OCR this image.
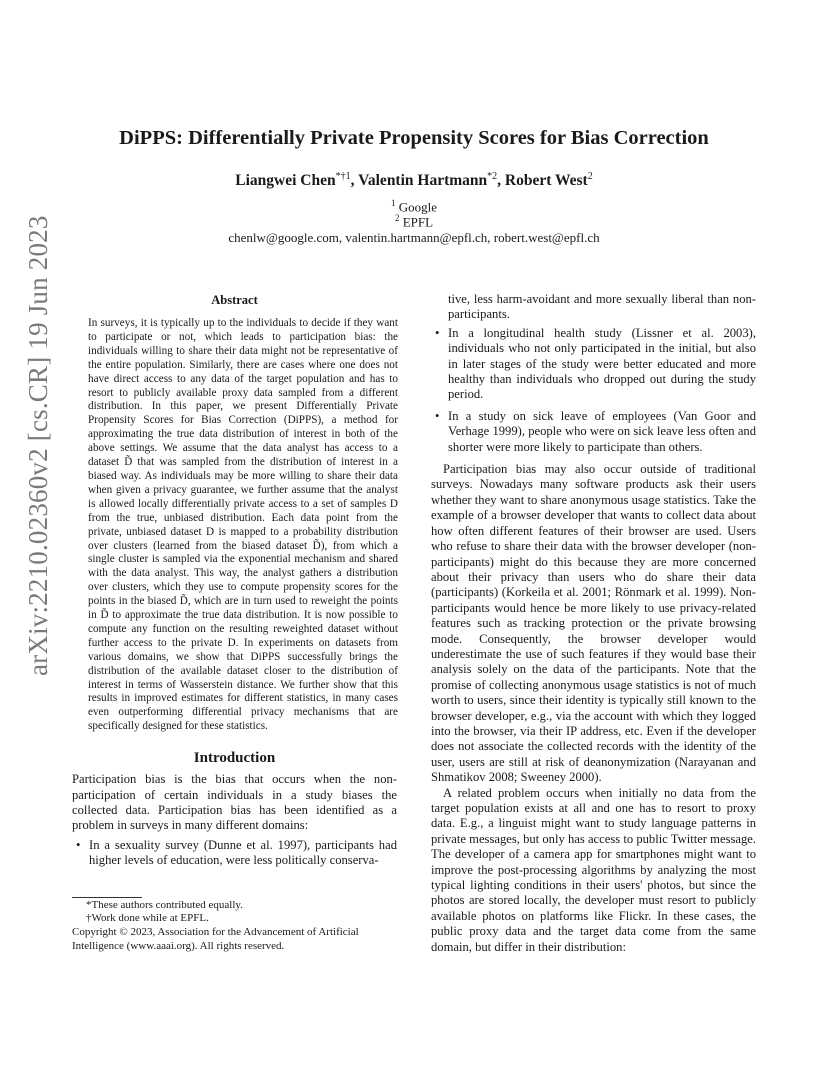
arXiv:2210.02360v2 [cs.CR] 19 Jun 2023
DiPPS: Differentially Private Propensity Scores for Bias Correction
Liangwei Chen$^{*\dagger 1}$, Valentin Hartmann$^{*2}$, Robert West$^2$
$^1$ Google
$^2$ EPFL
chenlw@google.com, valentin.hartmann@epfl.ch, robert.west@epfl.ch
Abstract

In surveys, it is typically up to the individuals to decide if they want to participate or not, which leads to participation bias: the individuals willing to share their data might not be representative of the entire population. Similarly, there are cases where one does not have direct access to any data of the target population and has to resort to publicly available proxy data sampled from a different distribution. In this paper, we present Differentially Private Propensity Scores for Bias Correction (DiPPS), a method for approximating the true data distribution of interest in both of the above settings. We assume that the data analyst has access to a dataset D̃ that was sampled from the distribution of interest in a biased way. As individuals may be more willing to share their data when given a privacy guarantee, we further assume that the analyst is allowed locally differentially private access to a set of samples D from the true, unbiased distribution. Each data point from the private, unbiased dataset D is mapped to a probability distribution over clusters (learned from the biased dataset D̃), from which a single cluster is sampled via the exponential mechanism and shared with the data analyst. This way, the analyst gathers a distribution over clusters, which they use to compute propensity scores for the points in the biased D̃, which are in turn used to reweight the points in D̃ to approximate the true data distribution. It is now possible to compute any function on the resulting reweighted dataset without further access to the private D. In experiments on datasets from various domains, we show that DiPPS successfully brings the distribution of the available dataset closer to the distribution of interest in terms of Wasserstein distance. We further show that this results in improved estimates for different statistics, in many cases even outperforming differential privacy mechanisms that are specifically designed for these statistics.

Introduction

Participation bias is the bias that occurs when the non-participation of certain individuals in a study biases the collected data. Participation bias has been identified as a problem in surveys in many different domains:

• In a sexuality survey (Dunne et al. 1997), participants had higher levels of education, were less politically conserva-
*These authors contributed equally.
†Work done while at EPFL.
Copyright © 2023, Association for the Advancement of Artificial Intelligence (www.aaai.org). All rights reserved.

tive, less harm-avoidant and more sexually liberal than non-participants.

• In a longitudinal health study (Lissner et al. 2003), individuals who not only participated in the initial, but also in later stages of the study were better educated and more healthy than individuals who dropped out during the study period.
• In a study on sick leave of employees (Van Goor and Verhage 1999), people who were on sick leave less often and shorter were more likely to participate than others.

Participation bias may also occur outside of traditional surveys. Nowadays many software products ask their users whether they want to share anonymous usage statistics. Take the example of a browser developer that wants to collect data about how often different features of their browser are used. Users who refuse to share their data with the browser developer (non-participants) might do this because they are more concerned about their privacy than users who do share their data (participants) (Korkeila et al. 2001; Rönmark et al. 1999). Non-participants would hence be more likely to use privacy-related features such as tracking protection or the private browsing mode. Consequently, the browser developer would underestimate the use of such features if they would base their analysis solely on the data of the participants. Note that the promise of collecting anonymous usage statistics is not of much worth to users, since their identity is typically still known to the browser developer, e.g., via the account with which they logged into the browser, via their IP address, etc. Even if the developer does not associate the collected records with the identity of the user, users are still at risk of deanonymization (Narayanan and Shmatikov 2008; Sweeney 2000).

A related problem occurs when initially no data from the target population exists at all and one has to resort to proxy data. E.g., a linguist might want to study language patterns in private messages, but only has access to public Twitter message. The developer of a camera app for smartphones might want to improve the post-processing algorithms by analyzing the most typical lighting conditions in their users' photos, but since the photos are stored locally, the developer must resort to publicly available photos on platforms like Flickr. In these cases, the public proxy data and the target data come from the same domain, but differ in their distribution:
